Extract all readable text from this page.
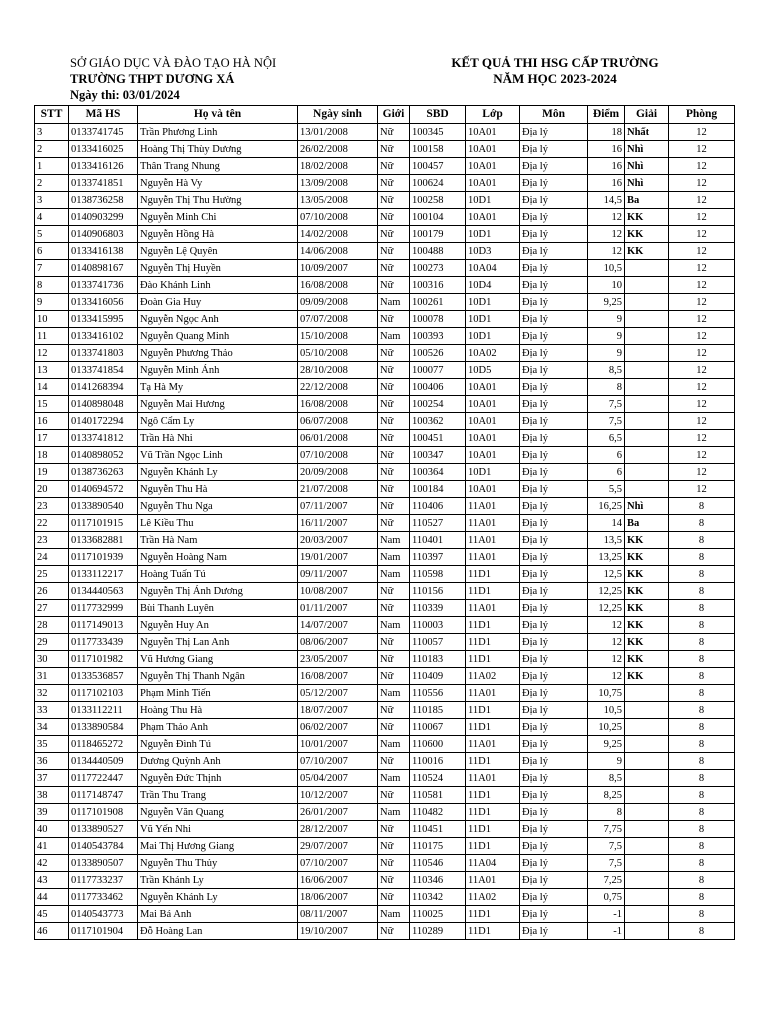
SỞ GIÁO DỤC VÀ ĐÀO TẠO HÀ NỘI
TRƯỜNG THPT DƯƠNG XÁ
Ngày thi: 03/01/2024
KẾT QUẢ THI HSG CẤP TRƯỜNG
NĂM HỌC 2023-2024
STT	Mã HS	Họ và tên	Ngày sinh	Giới	SBD	Lớp	Môn	Điểm	Giải	Phòng
3	0133741745	Trần Phương Linh	13/01/2008	Nữ	100345	10A01	Địa lý	18	Nhất	12
2	0133416025	Hoàng Thị Thùy Dương	26/02/2008	Nữ	100158	10A01	Địa lý	16	Nhì	12
1	0133416126	Thân Trang Nhung	18/02/2008	Nữ	100457	10A01	Địa lý	16	Nhì	12
2	0133741851	Nguyễn Hà Vy	13/09/2008	Nữ	100624	10A01	Địa lý	16	Nhì	12
3	0138736258	Nguyễn Thị Thu Hường	13/05/2008	Nữ	100258	10D1	Địa lý	14,5	Ba	12
4	0140903299	Nguyễn Minh Chi	07/10/2008	Nữ	100104	10A01	Địa lý	12	KK	12
5	0140906803	Nguyễn Hồng Hà	14/02/2008	Nữ	100179	10D1	Địa lý	12	KK	12
6	0133416138	Nguyễn Lệ Quyên	14/06/2008	Nữ	100488	10D3	Địa lý	12	KK	12
7	0140898167	Nguyễn Thị Huyền	10/09/2007	Nữ	100273	10A04	Địa lý	10,5		12
8	0133741736	Đào Khánh Linh	16/08/2008	Nữ	100316	10D4	Địa lý	10		12
9	0133416056	Đoàn Gia Huy	09/09/2008	Nam	100261	10D1	Địa lý	9,25		12
10	0133415995	Nguyễn Ngọc Anh	07/07/2008	Nữ	100078	10D1	Địa lý	9		12
11	0133416102	Nguyễn Quang Minh	15/10/2008	Nam	100393	10D1	Địa lý	9		12
12	0133741803	Nguyễn Phương Thảo	05/10/2008	Nữ	100526	10A02	Địa lý	9		12
13	0133741854	Nguyễn Minh Ánh	28/10/2008	Nữ	100077	10D5	Địa lý	8,5		12
14	0141268394	Tạ Hà My	22/12/2008	Nữ	100406	10A01	Địa lý	8		12
15	0140898048	Nguyễn Mai Hương	16/08/2008	Nữ	100254	10A01	Địa lý	7,5		12
16	0140172294	Ngô Cẩm Ly	06/07/2008	Nữ	100362	10A01	Địa lý	7,5		12
17	0133741812	Trần Hà Nhi	06/01/2008	Nữ	100451	10A01	Địa lý	6,5		12
18	0140898052	Vũ Trần Ngọc Linh	07/10/2008	Nữ	100347	10A01	Địa lý	6		12
19	0138736263	Nguyễn Khánh Ly	20/09/2008	Nữ	100364	10D1	Địa lý	6		12
20	0140694572	Nguyễn Thu Hà	21/07/2008	Nữ	100184	10A01	Địa lý	5,5		12
23	0133890540	Nguyễn Thu Nga	07/11/2007	Nữ	110406	11A01	Địa lý	16,25	Nhì	8
22	0117101915	Lê Kiều Thu	16/11/2007	Nữ	110527	11A01	Địa lý	14	Ba	8
23	0133682881	Trần Hà Nam	20/03/2007	Nam	110401	11A01	Địa lý	13,5	KK	8
24	0117101939	Nguyễn Hoàng Nam	19/01/2007	Nam	110397	11A01	Địa lý	13,25	KK	8
25	0133112217	Hoàng Tuấn Tú	09/11/2007	Nam	110598	11D1	Địa lý	12,5	KK	8
26	0134440563	Nguyễn Thị Ánh Dương	10/08/2007	Nữ	110156	11D1	Địa lý	12,25	KK	8
27	0117732999	Bùi Thanh Luyên	01/11/2007	Nữ	110339	11A01	Địa lý	12,25	KK	8
28	0117149013	Nguyễn Huy An	14/07/2007	Nam	110003	11D1	Địa lý	12	KK	8
29	0117733439	Nguyễn Thị Lan Anh	08/06/2007	Nữ	110057	11D1	Địa lý	12	KK	8
30	0117101982	Vũ Hương Giang	23/05/2007	Nữ	110183	11D1	Địa lý	12	KK	8
31	0133536857	Nguyễn Thị Thanh Ngân	16/08/2007	Nữ	110409	11A02	Địa lý	12	KK	8
32	0117102103	Phạm Minh Tiến	05/12/2007	Nam	110556	11A01	Địa lý	10,75		8
33	0133112211	Hoàng Thu Hà	18/07/2007	Nữ	110185	11D1	Địa lý	10,5		8
34	0133890584	Phạm Thảo Anh	06/02/2007	Nữ	110067	11D1	Địa lý	10,25		8
35	0118465272	Nguyễn Đình Tú	10/01/2007	Nam	110600	11A01	Địa lý	9,25		8
36	0134440509	Dương Quỳnh Anh	07/10/2007	Nữ	110016	11D1	Địa lý	9		8
37	0117722447	Nguyễn Đức Thịnh	05/04/2007	Nam	110524	11A01	Địa lý	8,5		8
38	0117148747	Trần Thu Trang	10/12/2007	Nữ	110581	11D1	Địa lý	8,25		8
39	0117101908	Nguyễn Văn Quang	26/01/2007	Nam	110482	11D1	Địa lý	8		8
40	0133890527	Vũ Yến Nhi	28/12/2007	Nữ	110451	11D1	Địa lý	7,75		8
41	0140543784	Mai Thị Hương Giang	29/07/2007	Nữ	110175	11D1	Địa lý	7,5		8
42	0133890507	Nguyễn Thu Thủy	07/10/2007	Nữ	110546	11A04	Địa lý	7,5		8
43	0117733237	Trần Khánh Ly	16/06/2007	Nữ	110346	11A01	Địa lý	7,25		8
44	0117733462	Nguyễn Khánh Ly	18/06/2007	Nữ	110342	11A02	Địa lý	0,75		8
45	0140543773	Mai Bá Anh	08/11/2007	Nam	110025	11D1	Địa lý	-1		8
46	0117101904	Đỗ Hoàng Lan	19/10/2007	Nữ	110289	11D1	Địa lý	-1		8
